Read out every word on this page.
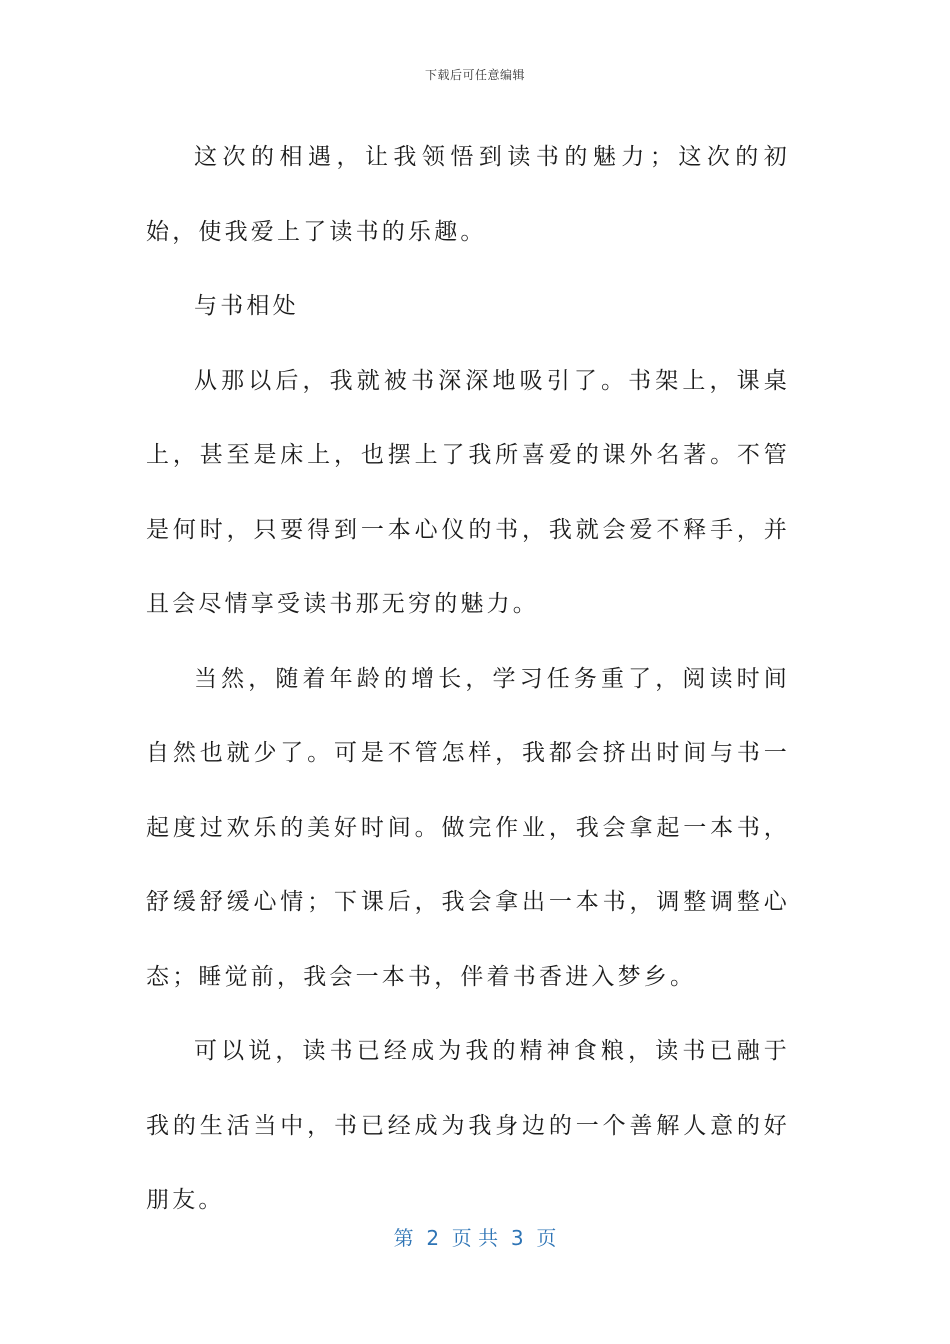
下载后可任意编辑

这次的相遇，让我领悟到读书的魅力；这次的初始，使我爱上了读书的乐趣。

与书相处

从那以后，我就被书深深地吸引了。书架上，课桌上，甚至是床上，也摆上了我所喜爱的课外名著。不管是何时，只要得到一本心仪的书，我就会爱不释手，并且会尽情享受读书那无穷的魅力。

当然，随着年龄的增长，学习任务重了，阅读时间自然也就少了。可是不管怎样，我都会挤出时间与书一起度过欢乐的美好时间。做完作业，我会拿起一本书，舒缓舒缓心情；下课后，我会拿出一本书，调整调整心态；睡觉前，我会一本书，伴着书香进入梦乡。

可以说，读书已经成为我的精神食粮，读书已融于我的生活当中，书已经成为我身边的一个善解人意的好朋友。

第  2  页 共  3  页
